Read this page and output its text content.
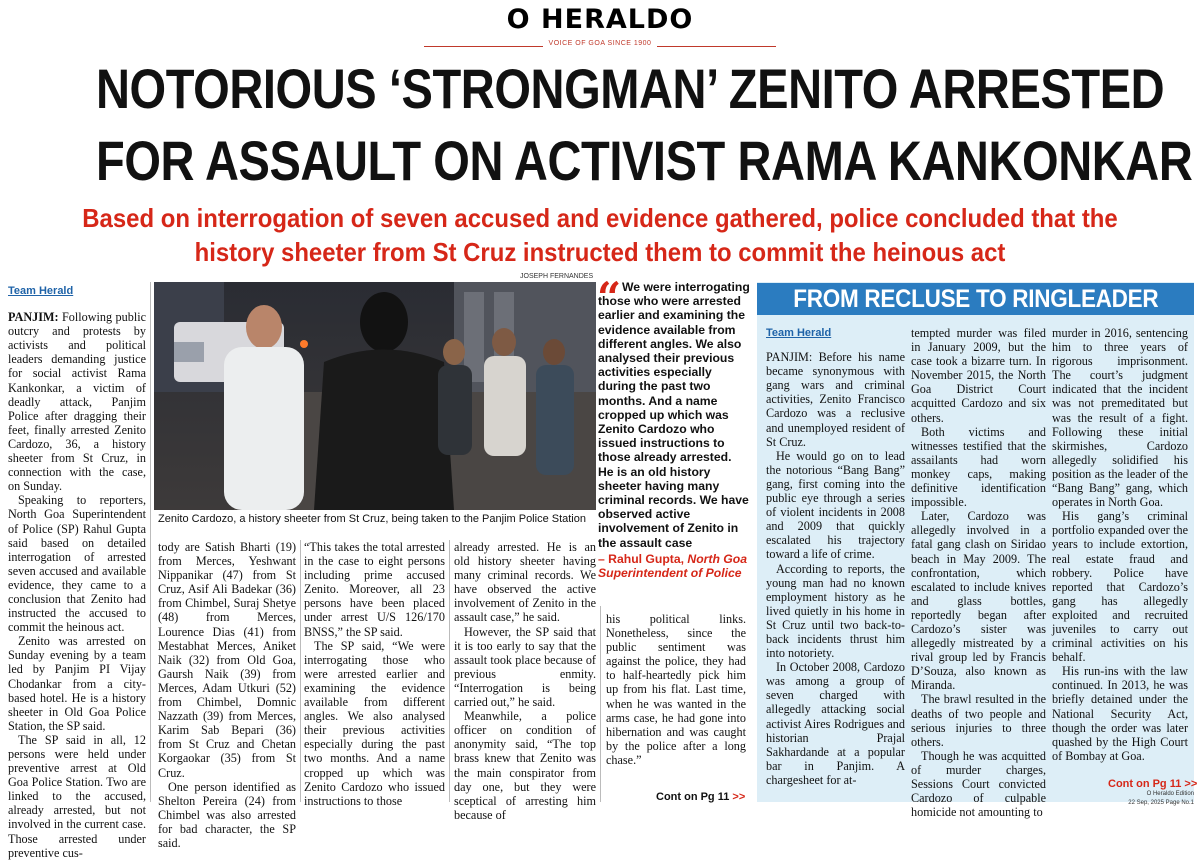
O HERALDO
VOICE OF GOA SINCE 1900
NOTORIOUS ‘STRONGMAN’ ZENITO ARRESTED
FOR ASSAULT ON ACTIVIST RAMA KANKONKAR
Based on interrogation of seven accused and evidence gathered, police concluded that the
history sheeter from St Cruz instructed them to commit the heinous act
Team Herald

PANJIM: Following public outcry and protests by activists and political leaders demanding justice for social activist Rama Kankonkar, a victim of deadly attack, Panjim Police after dragging their feet, finally arrested Zenito Cardozo, 36, a history sheeter from St Cruz, in connection with the case, on Sunday.

Speaking to reporters, North Goa Superintendent of Police (SP) Rahul Gupta said based on detailed interrogation of arrested seven accused and available evidence, they came to a conclusion that Zenito had instructed the accused to commit the heinous act.

Zenito was arrested on Sunday evening by a team led by Panjim PI Vijay Chodankar from a city-based hotel. He is a history sheeter in Old Goa Police Station, the SP said.

The SP said in all, 12 persons were held under preventive arrest at Old Goa Police Station. Two are linked to the accused, already arrested, but not involved in the current case. Those arrested under preventive cus-

JOSEPH FERNANDES
Zenito Cardozo, a history sheeter from St Cruz, being taken to the Panjim Police Station

tody are Satish Bharti (19) from Merces, Yeshwant Nippanikar (47) from St Cruz, Asif Ali Badekar (36) from Chimbel, Suraj Shetye (48) from Merces, Lourence Dias (41) from Mestabhat Merces, Aniket Naik (32) from Old Goa, Gaursh Naik (39) from Merces, Adam Utkuri (52) from Chimbel, Domnic Nazzath (39) from Merces, Karim Sab Bepari (36) from St Cruz and Chetan Korgaokar (35) from St Cruz.

One person identified as Shelton Pereira (24) from Chimbel was also arrested for bad character, the SP said.

“This takes the total arrested in the case to eight persons including prime accused Zenito. Moreover, all 23 persons have been placed under arrest U/S 126/170 BNSS,” the SP said.

The SP said, “We were interrogating those who were arrested earlier and examining the evidence available from different angles. We also analysed their previous activities especially during the past two months. And a name cropped up which was Zenito Cardozo who issued instructions to those

already arrested. He is an old history sheeter having many criminal records. We have observed the active involvement of Zenito in the assault case,” he said.

However, the SP said that it is too early to say that the assault took place because of previous enmity. “Interrogation is being carried out,” he said.

Meanwhile, a police officer on condition of anonymity said, “The top brass knew that Zenito was the main conspirator from day one, but they were sceptical of arresting him because of

“ We were interrogating those who were arrested earlier and examining the evidence available from different angles. We also analysed their previous activities especially during the past two months. And a name cropped up which was Zenito Cardozo who issued instructions to those already arrested. He is an old history sheeter having many criminal records. We have observed active involvement of Zenito in the assault case
– Rahul Gupta, North Goa Superintendent of Police

his political links. Nonetheless, since the public sentiment was against the police, they had to half-heartedly pick him up from his flat. Last time, when he was wanted in the arms case, he had gone into hibernation and was caught by the police after a long chase.”

Cont on Pg 11 >>
FROM RECLUSE TO RINGLEADER
Team Herald

PANJIM: Before his name became synonymous with gang wars and criminal activities, Zenito Francisco Cardozo was a reclusive and unemployed resident of St Cruz.

He would go on to lead the notorious “Bang Bang” gang, first coming into the public eye through a series of violent incidents in 2008 and 2009 that quickly escalated his trajectory toward a life of crime.

According to reports, the young man had no known employment history as he lived quietly in his home in St Cruz until two back-to-back incidents thrust him into notoriety.

In October 2008, Cardozo was among a group of seven charged with allegedly attacking social activist Aires Rodrigues and historian Prajal Sakhardande at a popular bar in Panjim. A chargesheet for at-

tempted murder was filed in January 2009, but the case took a bizarre turn. In November 2015, the North Goa District Court acquitted Cardozo and six others.

Both victims and witnesses testified that the assailants had worn monkey caps, making definitive identification impossible.

Later, Cardozo was allegedly involved in a fatal gang clash on Siridao beach in May 2009. The confrontation, which escalated to include knives and glass bottles, reportedly began after Cardozo’s sister was allegedly mistreated by a rival group led by Francis D’Souza, also known as Miranda.

The brawl resulted in the deaths of two people and serious injuries to three others.

Though he was acquitted of murder charges, Sessions Court convicted Cardozo of culpable homicide not amounting to

murder in 2016, sentencing him to three years of rigorous imprisonment. The court’s judgment indicated that the incident was not premeditated but was the result of a fight. Following these initial skirmishes, Cardozo allegedly solidified his position as the leader of the “Bang Bang” gang, which operates in North Goa.

His gang’s criminal portfolio expanded over the years to include extortion, real estate fraud and robbery. Police have reported that Cardozo’s gang has allegedly exploited and recruited juveniles to carry out criminal activities on his behalf.

His run-ins with the law continued. In 2013, he was briefly detained under the National Security Act, though the order was later quashed by the High Court of Bombay at Goa.

Cont on Pg 11 >>
O Heraldo Edition
22 Sep, 2025 Page No.1
